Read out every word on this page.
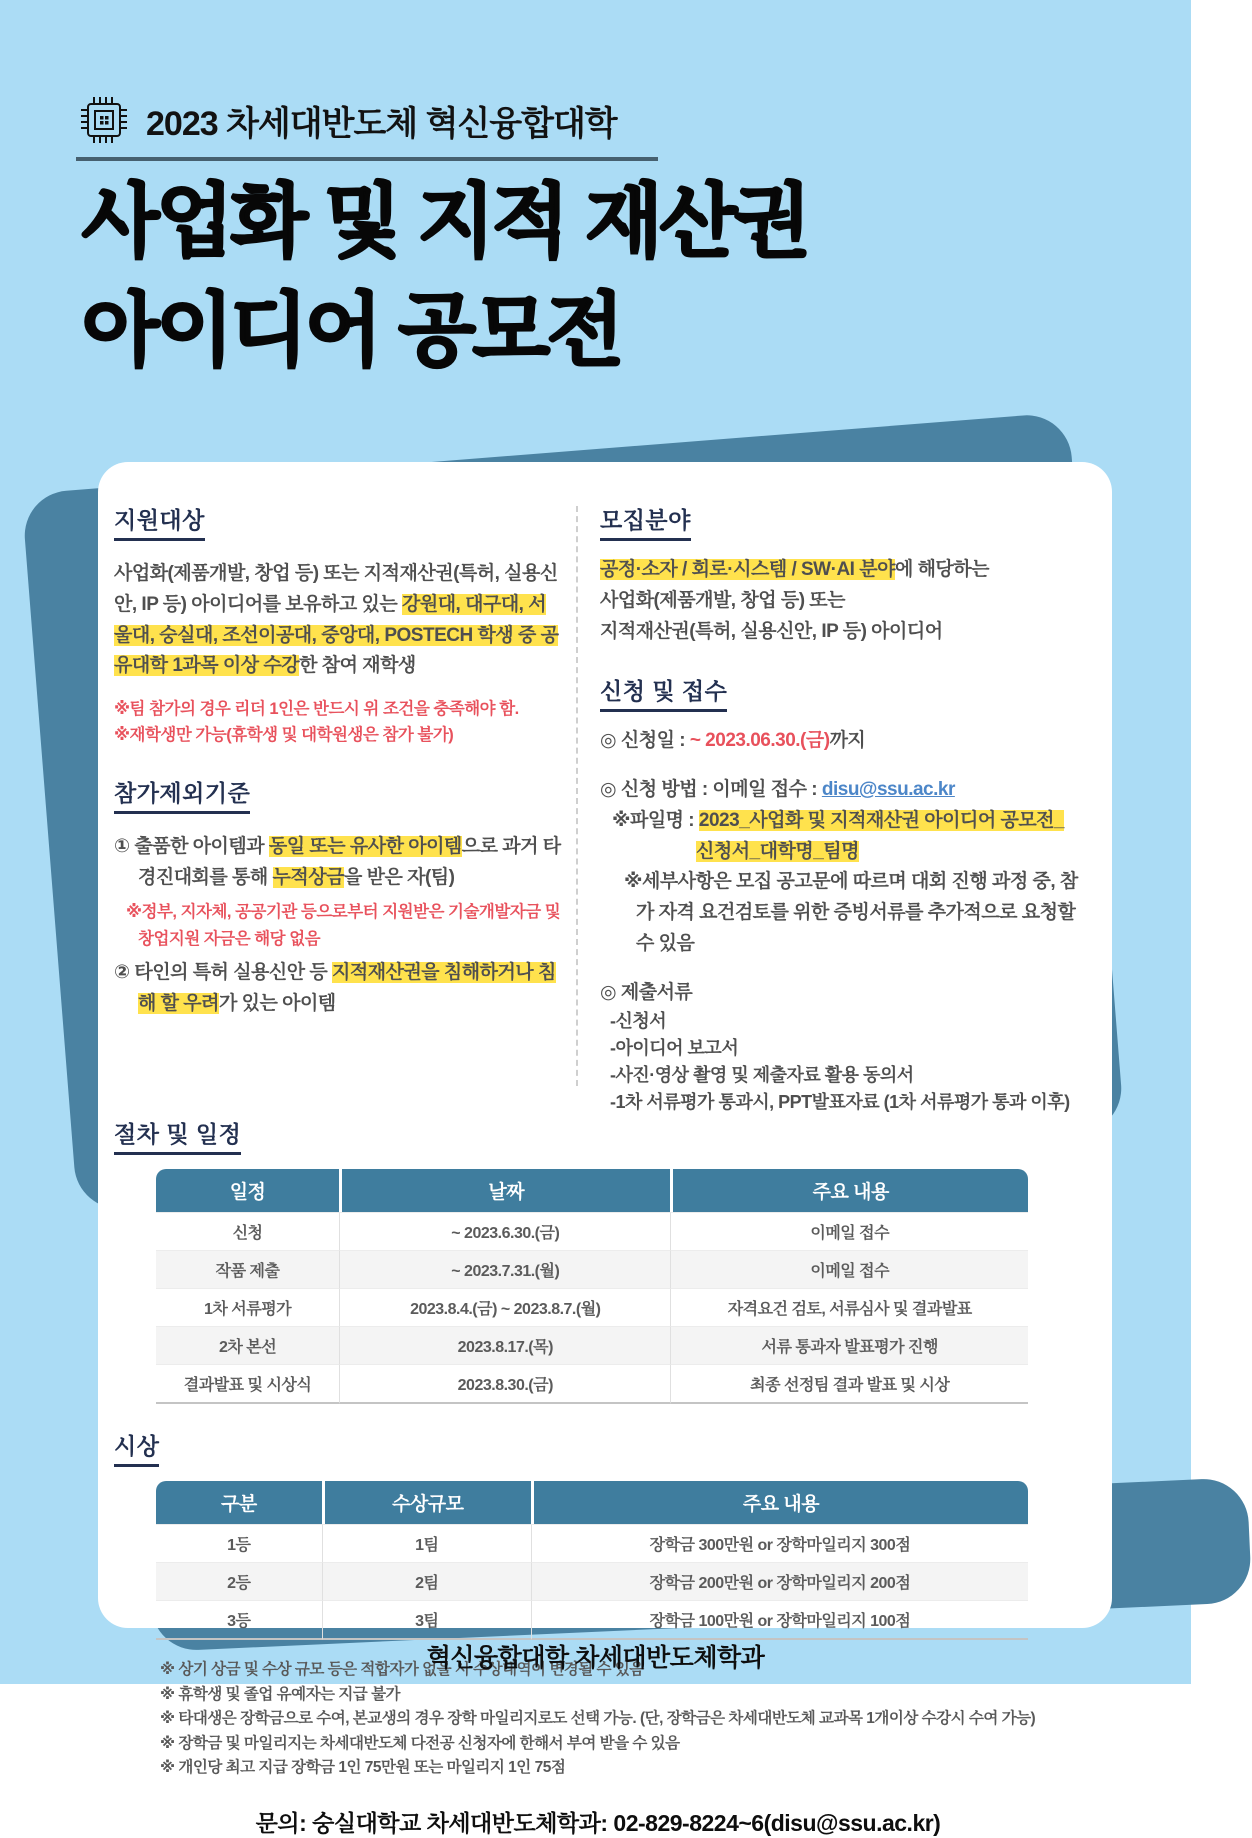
2023 차세대반도체 혁신융합대학
사업화 및 지적 재산권
아이디어 공모전
지원대상

사업화(제품개발, 창업 등) 또는 지적재산권(특허, 실용신안, IP 등) 아이디어를 보유하고 있는 강원대, 대구대, 서울대, 숭실대, 조선이공대, 중앙대, POSTECH 학생 중 공유대학 1과목 이상 수강한 참여 재학생

※팀 참가의 경우 리더 1인은 반드시 위 조건을 충족해야 함.

※재학생만 가능(휴학생 및 대학원생은 참가 불가)

참가제외기준

① 출품한 아이템과 동일 또는 유사한 아이템으로 과거 타 경진대회를 통해 누적상금을 받은 자(팀)

※정부, 지자체, 공공기관 등으로부터 지원받은 기술개발자금 및 창업지원 자금은 해당 없음

② 타인의 특허 실용신안 등 지적재산권을 침해하거나 침해 할 우려가 있는 아이템

모집분야

공정·소자 / 회로·시스템 / SW·AI 분야에 해당하는

사업화(제품개발, 창업 등) 또는

지적재산권(특허, 실용신안, IP 등) 아이디어

신청 및 접수

◎ 신청일 : ~ 2023.06.30.(금)까지

◎ 신청 방법 : 이메일 접수 : disu@ssu.ac.kr

※파일명 : 2023_사업화 및 지적재산권 아이디어 공모전_

신청서_대학명_팀명

※세부사항은 모집 공고문에 따르며 대회 진행 과정 중, 참가 자격 요건검토를 위한 증빙서류를 추가적으로 요청할 수 있음

◎ 제출서류

-신청서

-아이디어 보고서

-사진·영상 촬영 및 제출자료 활용 동의서

-1차 서류평가 통과시, PPT발표자료 (1차 서류평가 통과 이후)

절차 및 일정
일정	날짜	주요 내용
신청	~ 2023.6.30.(금)	이메일 접수
작품 제출	~ 2023.7.31.(월)	이메일 접수
1차 서류평가	2023.8.4.(금) ~ 2023.8.7.(월)	자격요건 검토, 서류심사 및 결과발표
2차 본선	2023.8.17.(목)	서류 통과자 발표평가 진행
결과발표 및 시상식	2023.8.30.(금)	최종 선정팀 결과 발표 및 시상
시상
구분	수상규모	주요 내용
1등	1팀	장학금 300만원 or 장학마일리지 300점
2등	2팀	장학금 200만원 or 장학마일리지 200점
3등	3팀	장학금 100만원 or 장학마일리지 100점

※ 상기 상금 및 수상 규모 등은 적합자가 없을 시 수상내역이 변경될 수 있음

※ 휴학생 및 졸업 유예자는 지급 불가

※ 타대생은 장학금으로 수여, 본교생의 경우 장학 마일리지로도 선택 가능. (단, 장학금은 차세대반도체 교과목 1개이상 수강시 수여 가능)

※ 장학금 및 마일리지는 차세대반도체 다전공 신청자에 한해서 부여 받을 수 있음

※ 개인당 최고 지급 장학금 1인 75만원 또는 마일리지 1인 75점

문의: 숭실대학교 차세대반도체학과: 02-829-8224~6(disu@ssu.ac.kr)
혁신융합대학 차세대반도체학과
